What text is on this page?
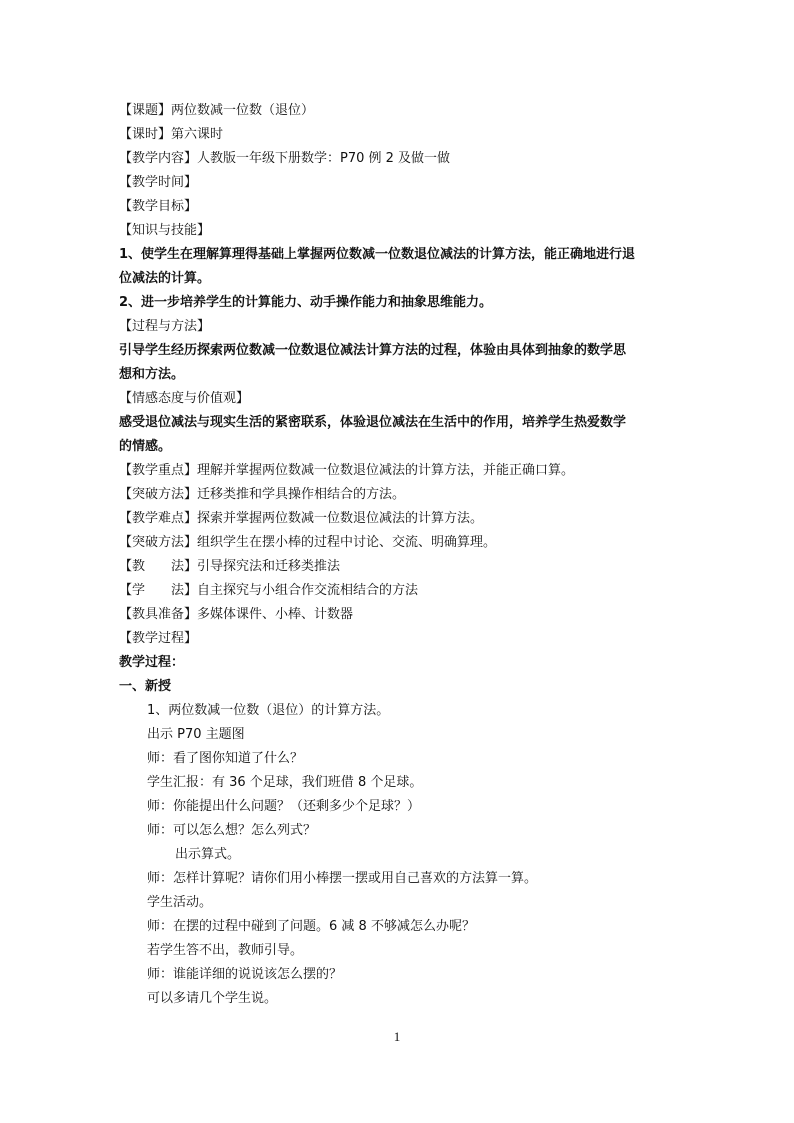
【课题】两位数减一位数（退位）
【课时】第六课时
【教学内容】人教版一年级下册数学：P70 例 2 及做一做
【教学时间】
【教学目标】
【知识与技能】
1、使学生在理解算理得基础上掌握两位数减一位数退位减法的计算方法，能正确地进行退
位减法的计算。
2、进一步培养学生的计算能力、动手操作能力和抽象思维能力。
【过程与方法】
引导学生经历探索两位数减一位数退位减法计算方法的过程，体验由具体到抽象的数学思
想和方法。
【情感态度与价值观】
感受退位减法与现实生活的紧密联系，体验退位减法在生活中的作用，培养学生热爱数学
的情感。
【教学重点】理解并掌握两位数减一位数退位减法的计算方法，并能正确口算。
【突破方法】迁移类推和学具操作相结合的方法。
【教学难点】探索并掌握两位数减一位数退位减法的计算方法。
【突破方法】组织学生在摆小棒的过程中讨论、交流、明确算理。
【教　　法】引导探究法和迁移类推法
【学　　法】自主探究与小组合作交流相结合的方法
【教具准备】多媒体课件、小棒、计数器
【教学过程】
教学过程：
一、新授
1、两位数减一位数（退位）的计算方法。
出示 P70 主题图
师：看了图你知道了什么？
学生汇报：有 36 个足球，我们班借 8 个足球。
师：你能提出什么问题？（还剩多少个足球？）
师：可以怎么想？怎么列式？
出示算式。
师：怎样计算呢？请你们用小棒摆一摆或用自己喜欢的方法算一算。
学生活动。
师：在摆的过程中碰到了问题。6 减 8 不够减怎么办呢？
若学生答不出，教师引导。
师：谁能详细的说说该怎么摆的？
可以多请几个学生说。
1
